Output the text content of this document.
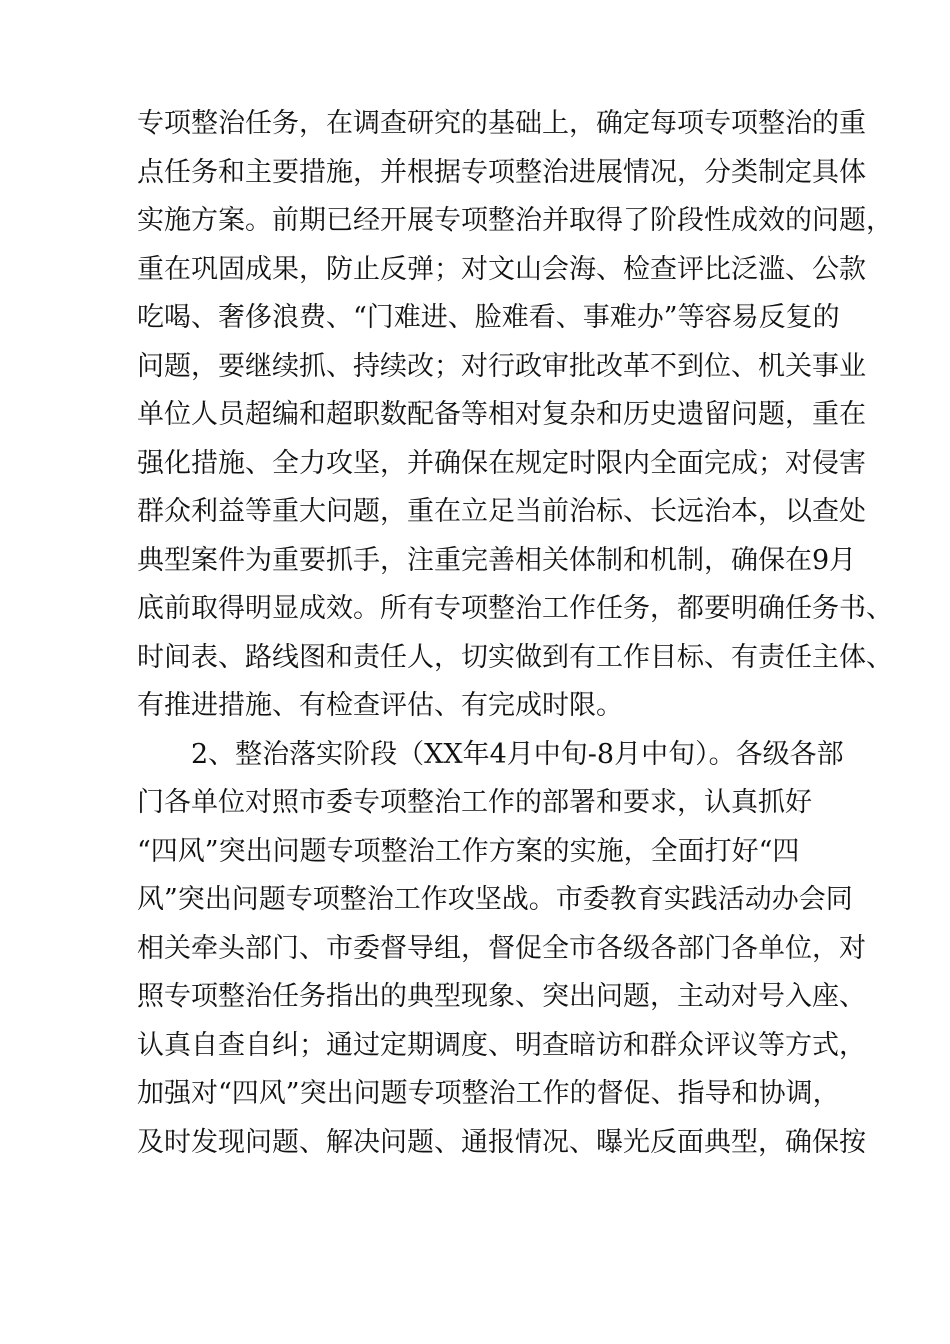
专项整治任务，在调查研究的基础上，确定每项专项整治的重
点任务和主要措施，并根据专项整治进展情况，分类制定具体
实施方案。前期已经开展专项整治并取得了阶段性成效的问题，
重在巩固成果，防止反弹；对文山会海、检查评比泛滥、公款
吃喝、奢侈浪费、“门难进、脸难看、事难办”等容易反复的
问题，要继续抓、持续改；对行政审批改革不到位、机关事业
单位人员超编和超职数配备等相对复杂和历史遗留问题，重在
强化措施、全力攻坚，并确保在规定时限内全面完成；对侵害
群众利益等重大问题，重在立足当前治标、长远治本，以查处
典型案件为重要抓手，注重完善相关体制和机制，确保在9月
底前取得明显成效。所有专项整治工作任务，都要明确任务书、
时间表、路线图和责任人，切实做到有工作目标、有责任主体、
有推进措施、有检查评估、有完成时限。
2、整治落实阶段（XX年4月中旬-8月中旬）。各级各部
门各单位对照市委专项整治工作的部署和要求，认真抓好
“四风”突出问题专项整治工作方案的实施，全面打好“四
风”突出问题专项整治工作攻坚战。市委教育实践活动办会同
相关牵头部门、市委督导组，督促全市各级各部门各单位，对
照专项整治任务指出的典型现象、突出问题，主动对号入座、
认真自查自纠；通过定期调度、明查暗访和群众评议等方式，
加强对“四风”突出问题专项整治工作的督促、指导和协调，
及时发现问题、解决问题、通报情况、曝光反面典型，确保按
